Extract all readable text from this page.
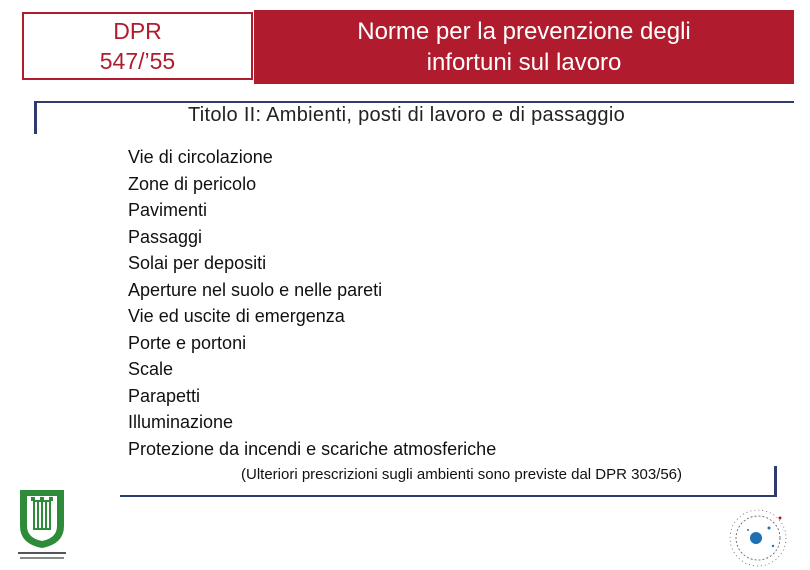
DPR
547/’55
Norme per la prevenzione degli
infortuni sul lavoro
Titolo II: Ambienti, posti di lavoro e di passaggio
Vie di circolazione
Zone di pericolo
Pavimenti
Passaggi
Solai per depositi
Aperture nel suolo e nelle pareti
Vie ed uscite di emergenza
Porte e portoni
Scale
Parapetti
Illuminazione
Protezione da incendi e scariche atmosferiche
(Ulteriori prescrizioni sugli ambienti sono previste dal DPR 303/56)
